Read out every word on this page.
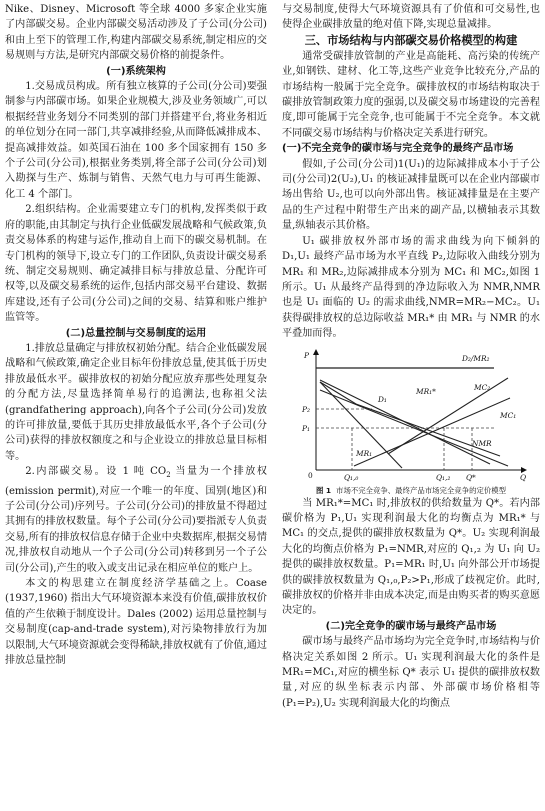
Nike、Disney、Microsoft 等全球 4000 多家企业实施了内部碳交易。企业内部碳交易活动涉及了子公司(分公司)和由上至下的管理工作,构建内部碳交易系统,制定相应的交易规则与方法,是研究内部碳交易价格的前提条件。

(一)系统架构

1.交易成员构成。所有独立核算的子公司(分公司)要强制参与内部碳市场。如果企业规模大,涉及业务领域广,可以根据经营业务划分不同类别的部门并搭建平台,将业务相近的单位划分在同一部门,共享减排经验,从而降低减排成本、提高减排效益。如英国石油在 100 多个国家拥有 150 多个子公司(分公司),根据业务类别,将全部子公司(分公司)划入勘探与生产、炼制与销售、天然气电力与可再生能源、化工 4 个部门。

2.组织结构。企业需要建立专门的机构,发挥类似于政府的职能,由其制定与执行企业低碳发展战略和气候政策,负责交易体系的构建与运作,推动自上而下的碳交易机制。在专门机构的领导下,设立专门的工作团队,负责设计碳交易系统、制定交易规则、确定减排目标与排放总量、分配许可权等,以及碳交易系统的运作,包括内部交易平台建设、数据库建设,还有子公司(分公司)之间的交易、结算和账户维护监管等。

(二)总量控制与交易制度的运用

1.排放总量确定与排放权初始分配。结合企业低碳发展战略和气候政策,确定企业目标年份排放总量,使其低于历史排放最低水平。碳排放权的初始分配应放弃那些处理复杂的分配方法,尽量选择简单易行的追溯法,也称祖父法(grandfathering approach),向各个子公司(分公司)发放的许可排放量,要低于其历史排放最低水平,各个子公司(分公司)获得的排放权额度之和与企业设立的排放总量目标相等。

2.内部碳交易。设 1 吨 $CO_2$ 当量为一个排放权(emission permit),对应一个唯一的年度、国别(地区)和子公司(分公司)序列号。子公司(分公司)的排放量不得超过其拥有的排放权数量。每个子公司(分公司)要指派专人负责交易,所有的排放权信息存储于企业中央数据库,根据交易情况,排放权自动地从一个子公司(分公司)转移到另一个子公司(分公司),产生的收入或支出记录在相应单位的账户上。

本文的构思建立在制度经济学基础之上。Coase (1937,1960) 指出大气环境资源本来没有价值,碳排放权价值的产生依赖于制度设计。Dales (2002) 运用总量控制与交易制度(cap-and-trade system),对污染物排放行为加以限制,大气环境资源就会变得稀缺,排放权就有了价值,通过排放总量控制

与交易制度,使得大气环境资源具有了价值和可交易性,也使得企业碳排放量的绝对值下降,实现总量减排。

三、市场结构与内部碳交易价格模型的构建

通常受碳排放管制的产业是高能耗、高污染的传统产业,如钢铁、建材、化工等,这些产业竞争比较充分,产品的市场结构一般属于完全竞争。碳排放权的市场结构取决于碳排放管制政策力度的强弱,以及碳交易市场建设的完善程度,即可能属于完全竞争,也可能属于不完全竞争。本文就不同碳交易市场结构与价格决定关系进行研究。

(一)不完全竞争的碳市场与完全竞争的最终产品市场

假如,子公司(分公司)1(U₁)的边际减排成本小于子公司(分公司)2(U₂),U₁ 的核证减排量既可以在企业内部碳市场出售给 U₂,也可以向外部出售。核证减排量是在主要产品的生产过程中附带生产出来的副产品,以横轴表示其数量,纵轴表示其价格。

U₁ 碳排放权外部市场的需求曲线为向下倾斜的 D₁,U₁ 最终产品市场为水平直线 P₂,边际收入曲线分别为 MR₁ 和 MR₂,边际减排成本分别为 MC₁ 和 MC₂,如图 1 所示。U₁ 从最终产品得到的净边际收入为 NMR,NMR 也是 U₁ 面临的 U₂ 的需求曲线,NMR=MR₂−MC₂。U₁ 获得碳排放权的总边际收益 MR₁* 由 MR₁ 与 NMR 的水平叠加而得。

P
Q
0
D₂/MR₂
P₂
P₁
D₁
MR₁
NMR
MR₁*	MC₂
MC₁
Q₁,₀	Q₁,₂ Q*

图 1 市场不完全竞争、最终产品市场完全竞争的定价模型

当 MR₁*=MC₁ 时,排放权的供给数量为 Q*。若内部碳价格为 P₁,U₁ 实现利润最大化的均衡点为 MR₁* 与 MC₁ 的交点,提供的碳排放权数量为 Q*。U₂ 实现利润最大化的均衡点价格为 P₁=NMR,对应的 Q₁,₂ 为 U₁ 向 U₂ 提供的碳排放权数量。P₁=MR₁ 时,U₁ 向外部公开市场提供的碳排放权数量为 Q₁,₀,P₂>P₁,形成了歧视定价。此时,碳排放权的价格并非由成本决定,而是由购买者的购买意愿决定的。

(二)完全竞争的碳市场与最终产品市场

碳市场与最终产品市场均为完全竞争时,市场结构与价格决定关系如图 2 所示。U₁ 实现利润最大化的条件是 MR₁=MC₁,对应的横坐标 Q* 表示 U₁ 提供的碳排放权数量,对应的纵坐标表示内部、外部碳市场价格相等(P₁=P₂),U₂ 实现利润最大化的均衡点
